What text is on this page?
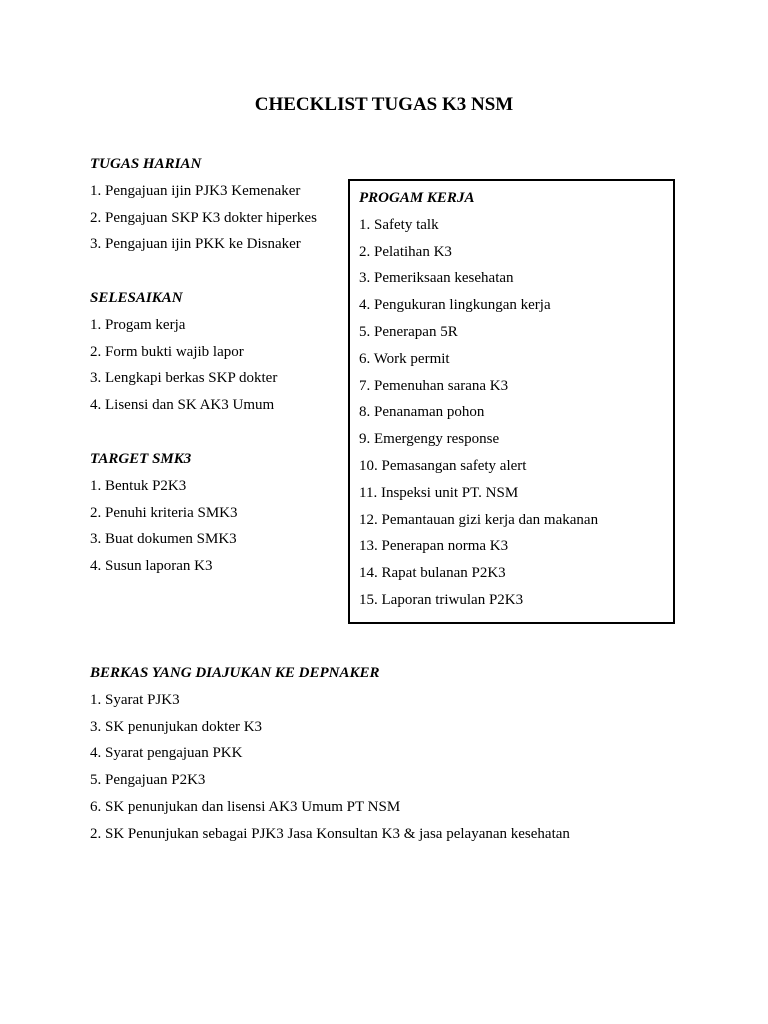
CHECKLIST TUGAS K3 NSM
TUGAS HARIAN
1. Pengajuan ijin PJK3 Kemenaker
2. Pengajuan SKP K3 dokter hiperkes
3. Pengajuan ijin PKK ke Disnaker
SELESAIKAN
1. Progam kerja
2. Form bukti wajib lapor
3. Lengkapi berkas SKP dokter
4. Lisensi dan SK AK3 Umum
TARGET SMK3
1. Bentuk P2K3
2. Penuhi kriteria SMK3
3. Buat dokumen SMK3
4. Susun laporan K3
PROGAM KERJA
1. Safety talk
2. Pelatihan K3
3. Pemeriksaan kesehatan
4. Pengukuran lingkungan kerja
5. Penerapan 5R
6. Work permit
7. Pemenuhan sarana K3
8. Penanaman pohon
9. Emergengy response
10. Pemasangan safety alert
11. Inspeksi unit PT. NSM
12. Pemantauan gizi kerja dan makanan
13. Penerapan norma K3
14. Rapat bulanan P2K3
15. Laporan triwulan P2K3
BERKAS YANG DIAJUKAN KE DEPNAKER
1. Syarat PJK3
3. SK penunjukan dokter K3
4. Syarat pengajuan PKK
5. Pengajuan P2K3
6. SK penunjukan dan lisensi AK3 Umum PT NSM
2. SK Penunjukan sebagai PJK3 Jasa Konsultan K3 & jasa pelayanan kesehatan
